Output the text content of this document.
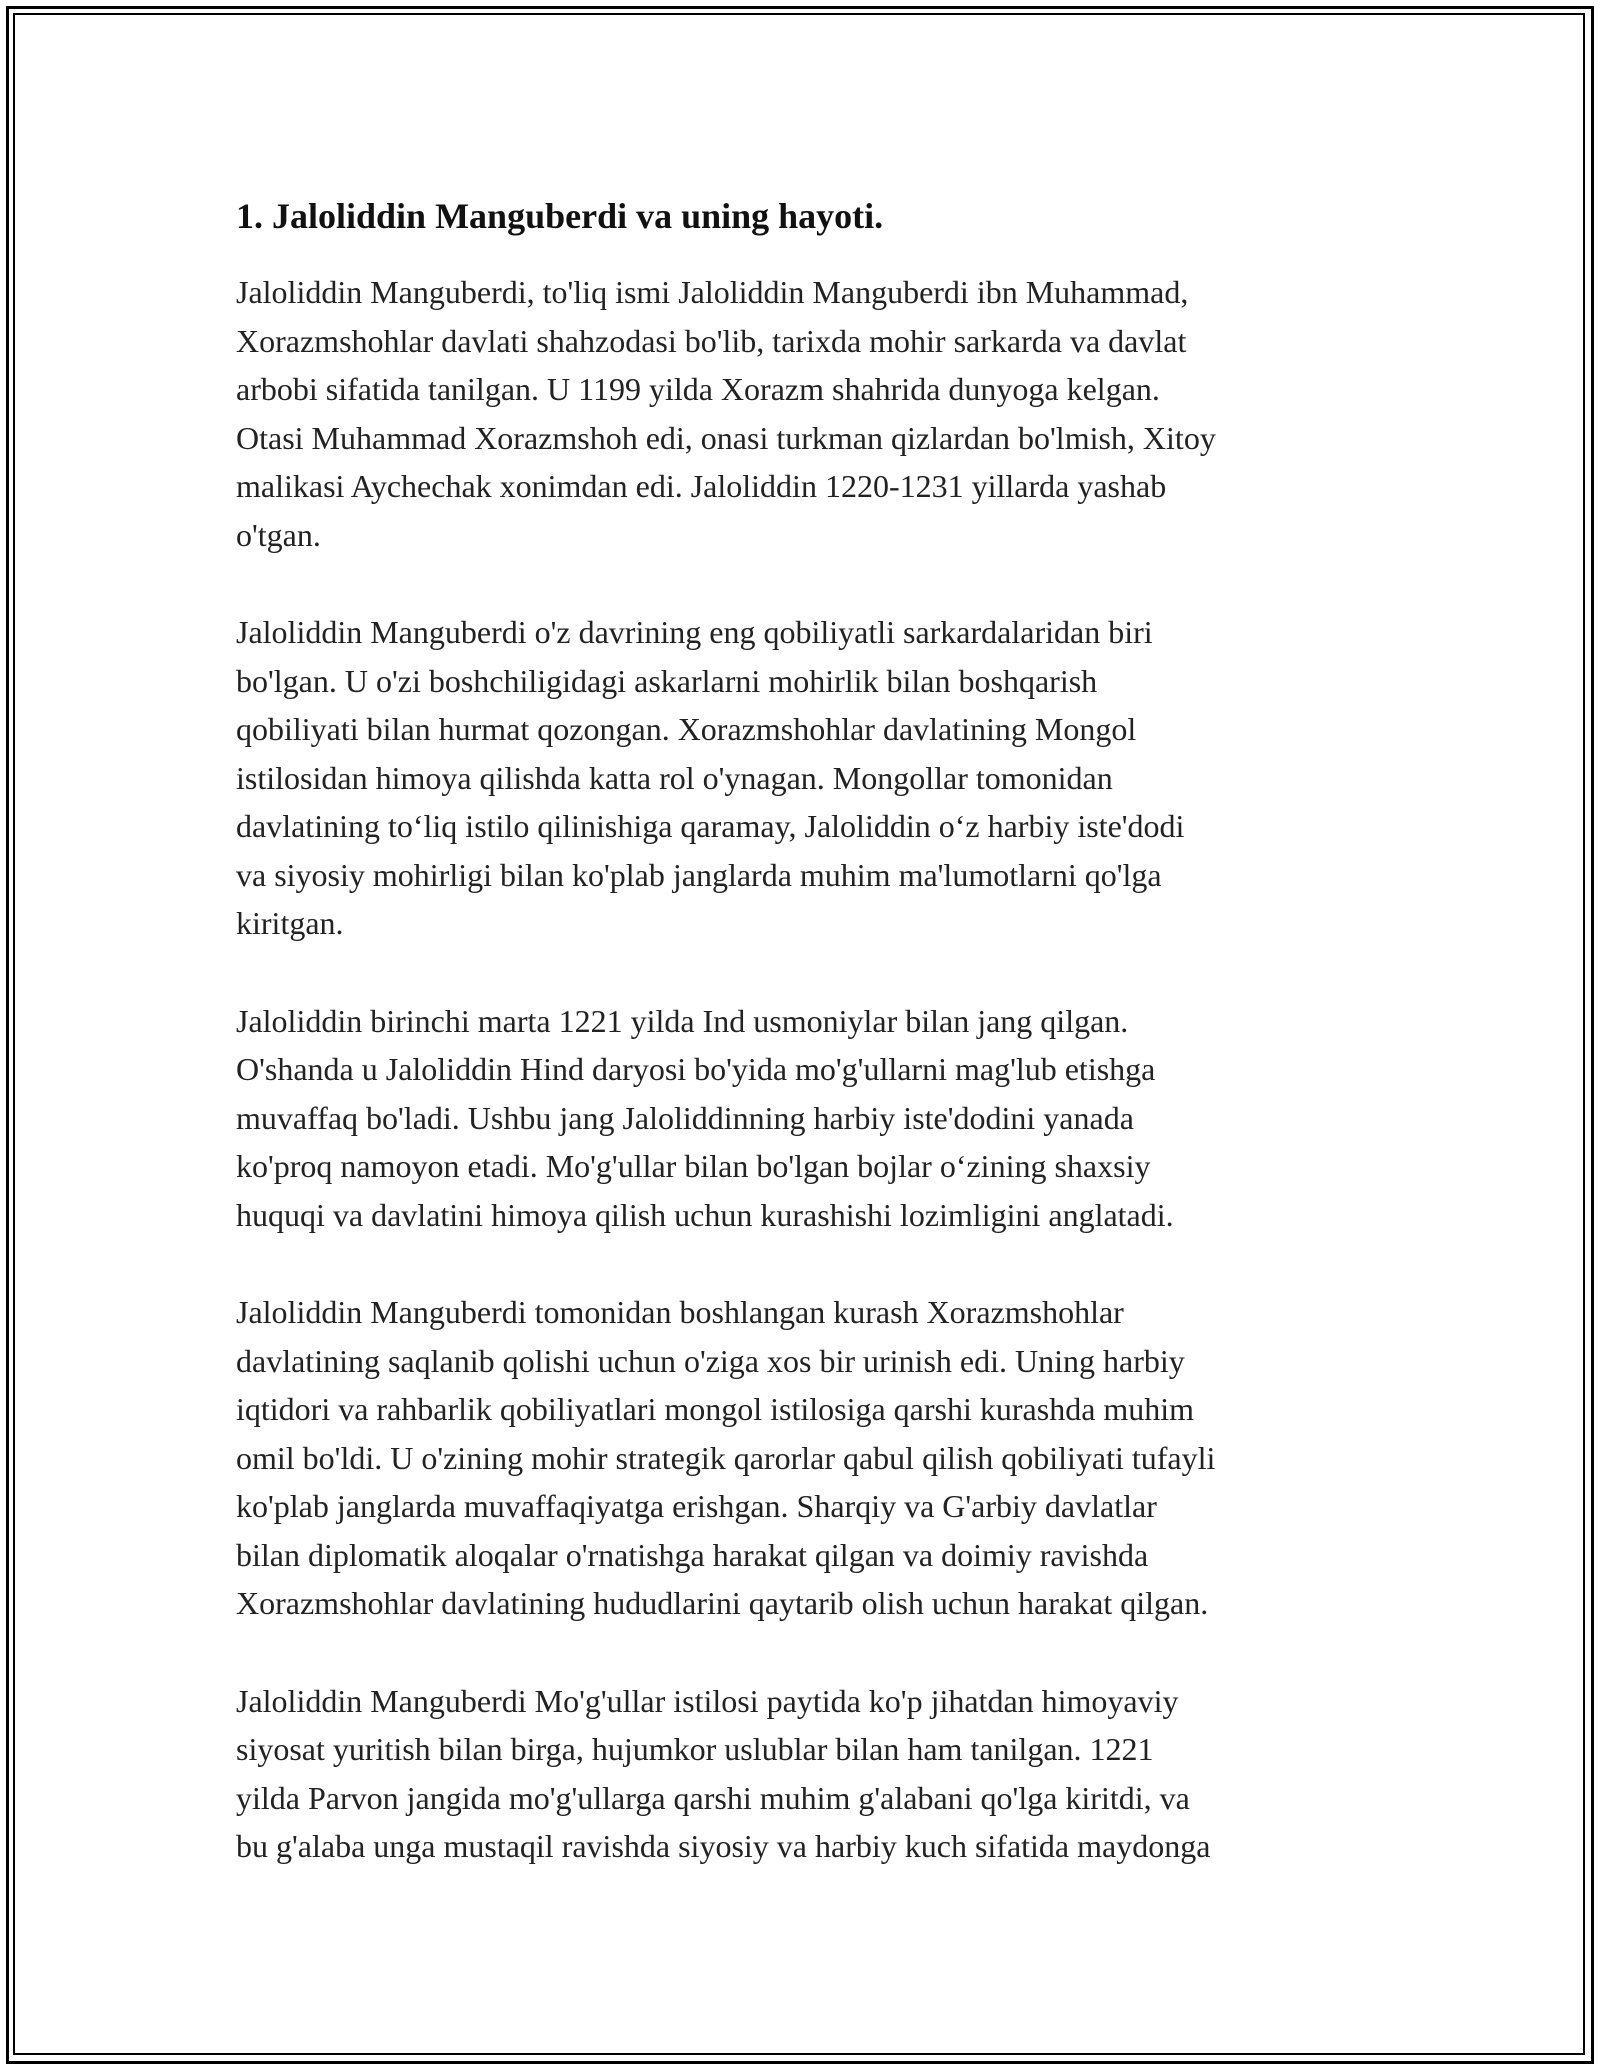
1. Jaloliddin Manguberdi va uning hayoti.
Jaloliddin Manguberdi, to'liq ismi Jaloliddin Manguberdi ibn Muhammad,
Xorazmshohlar davlati shahzodasi bo'lib, tarixda mohir sarkarda va davlat
arbobi sifatida tanilgan. U 1199 yilda Xorazm shahrida dunyoga kelgan.
Otasi Muhammad Xorazmshoh edi, onasi turkman qizlardan bo'lmish, Xitoy
malikasi Aychechak xonimdan edi. Jaloliddin 1220-1231 yillarda yashab
o'tgan.
Jaloliddin Manguberdi o'z davrining eng qobiliyatli sarkardalaridan biri
bo'lgan. U o'zi boshchiligidagi askarlarni mohirlik bilan boshqarish
qobiliyati bilan hurmat qozongan. Xorazmshohlar davlatining Mongol
istilosidan himoya qilishda katta rol o'ynagan. Mongollar tomonidan
davlatining to‘liq istilo qilinishiga qaramay, Jaloliddin o‘z harbiy iste'dodi
va siyosiy mohirligi bilan ko'plab janglarda muhim ma'lumotlarni qo'lga
kiritgan.
Jaloliddin birinchi marta 1221 yilda Ind usmoniylar bilan jang qilgan.
O'shanda u Jaloliddin Hind daryosi bo'yida mo'g'ullarni mag'lub etishga
muvaffaq bo'ladi. Ushbu jang Jaloliddinning harbiy iste'dodini yanada
ko'proq namoyon etadi. Mo'g'ullar bilan bo'lgan bojlar o‘zining shaxsiy
huquqi va davlatini himoya qilish uchun kurashishi lozimligini anglatadi.
Jaloliddin Manguberdi tomonidan boshlangan kurash Xorazmshohlar
davlatining saqlanib qolishi uchun o'ziga xos bir urinish edi. Uning harbiy
iqtidori va rahbarlik qobiliyatlari mongol istilosiga qarshi kurashda muhim
omil bo'ldi. U o'zining mohir strategik qarorlar qabul qilish qobiliyati tufayli
ko'plab janglarda muvaffaqiyatga erishgan. Sharqiy va G'arbiy davlatlar
bilan diplomatik aloqalar o'rnatishga harakat qilgan va doimiy ravishda
Xorazmshohlar davlatining hududlarini qaytarib olish uchun harakat qilgan.
Jaloliddin Manguberdi Mo'g'ullar istilosi paytida ko'p jihatdan himoyaviy
siyosat yuritish bilan birga, hujumkor uslublar bilan ham tanilgan. 1221
yilda Parvon jangida mo'g'ullarga qarshi muhim g'alabani qo'lga kiritdi, va
bu g'alaba unga mustaqil ravishda siyosiy va harbiy kuch sifatida maydonga
